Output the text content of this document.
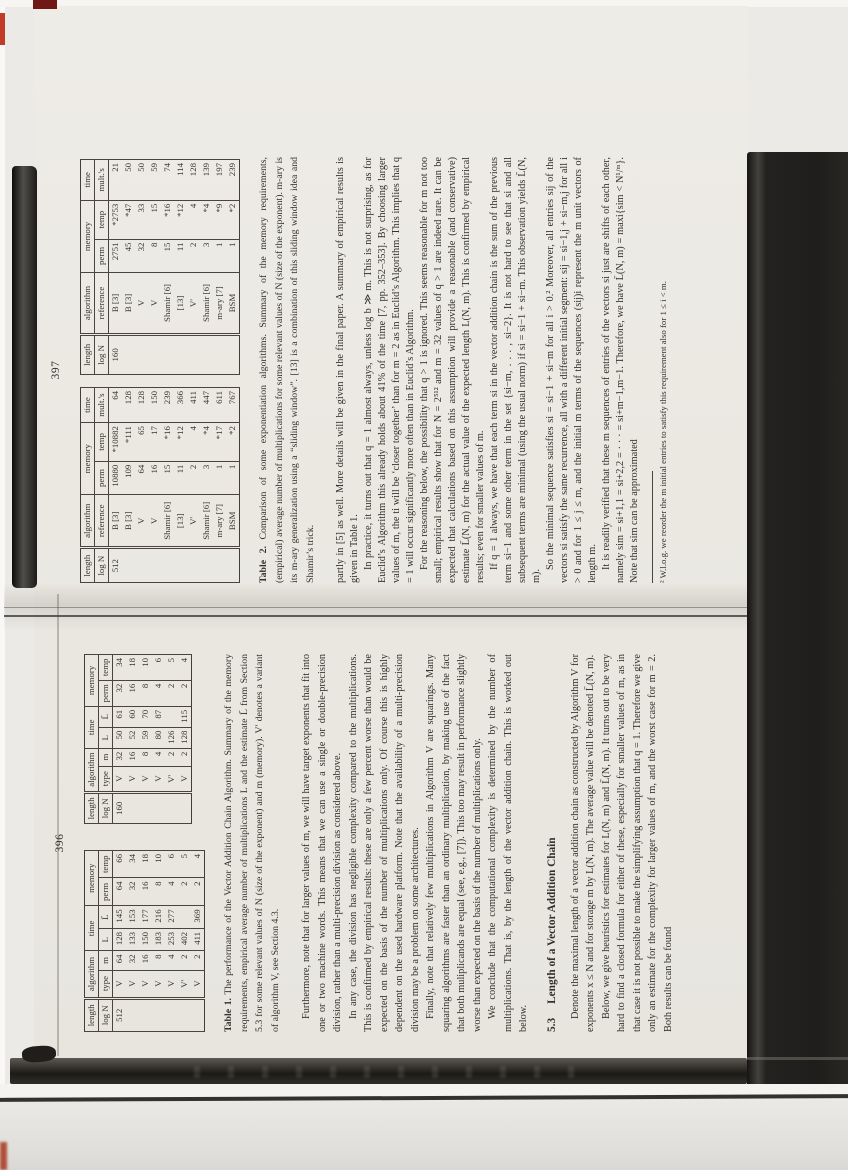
396

length	algorithm		time		memory	
log N	type	m	L	L̄	perm	temp
512	V	64	128	145	64	66
	V	32	133	153	32	34
	V	16	150	177	16	18
	V	8	183	216	8	10
	V	4	253	277	4	6
	V′	2	402		2	5
	V	2	411	369	2	4
length	algorithm		time		memory	
log N	type	m	L	L̄	perm	temp
160	V	32	50	61	32	34
	V	16	52	60	16	18
	V	8	59	70	8	10
	V	4	80	87	4	6
	V′	2	126		2	5
	V	2	128	115	2	4

Table 1. The performance of the Vector Addition Chain Algorithm. Summary of the memory requirements, empirical average number of multiplications L and the estimate L̄ from Section 5.3 for some relevant values of N (size of the exponent) and m (memory). V′ denotes a variant of algorithm V, see Section 4.3. Furthermore, note that for larger values of m, we will have target exponents that fit into one or two machine words. This means that we can use a single or double-precision division, rather than a multi-precision division as considered above. In any case, the division has negligible complexity compared to the multiplications. This is confirmed by empirical results: these are only a few percent worse than would be expected on the basis of the number of multiplications only. Of course this is highly dependent on the used hardware platform. Note that the availability of a multi-precision division may be a problem on some architectures. Finally, note that relatively few multiplications in Algorithm V are squarings. Many squaring algorithms are faster than an ordinary multiplication, by making use of the fact that both muliplicands are equal (see, e.g., [7]). This too may result in performance slightly worse than expected on the basis of the number of multiplications only. We conclude that the computational complexity is determined by the number of multiplications. That is, by the length of the vector addition chain. This is worked out below. 5.3Length of a Vector Addition Chain Denote the maximal length of a vector addition chain as constructed by Algorithm V for exponents x ≤ N and for storage m by L(N, m). The average value will be denoted L̄(N, m). Below, we give heuristics for estimates for L(N, m) and L̄(N, m). It turns out to be very hard to find a closed formula for either of these, especially for smaller values of m, as in that case it is not possible to make the simplifying assumption that q = 1. Therefore we give only an estimate for the complexity for larger values of m, and the worst case for m = 2. Both results can be found

397

length	algorithm	memory		time
log N	reference	perm	temp	mult.'s
512	B [3]	10880	*10882	64
	B [3]	109	*111	128
	V	64	65	128
	V	16	17	150
	Shamir [6]	15	*16	239
	[13]	11	*12	366
	V′	2	4	411
	Shamir [6]	3	*4	447
	m-ary [7]	1	*17	611
	BSM	1	*2	767
length	algorithm	memory		time
log N	reference	perm	temp	mult.'s
160	B [3]	2751	*2753	21
	B [3]	45	*47	50
	V	32	33	50
	V	8	15	59
	Shamir [6]	15	*16	74
	[13]	11	*12	114
	V′	2	4	128
	Shamir [6]	3	*4	139
	m-ary [7]	1	*9	197
	BSM	1	*2	239

Table 2. Comparison of some exponentiation algorithms. Summary of the memory requirements, (empirical) average number of multiplications for some relevant values of N (size of the exponent). m-ary is its m-ary generalization using a “sliding window”. [13] is a combination of this sliding window idea and Shamir’s trick. partly in [5] as well. More details will be given in the final paper. A summary of empirical results is given in Table 1. In practice, it turns out that q = 1 almost always, unless log b ≫ m. This is not surprising, as for Euclid’s Algorithm this already holds about 41% of the time [7, pp. 352–353]. By choosing larger values of m, the ti will be ‘closer together’ than for m = 2 as in Euclid’s Algorithm. This implies that q = 1 will occur significantly more often than in Euclid’s Algorithm. For the reasoning below, the possibility that q > 1 is ignored. This seems reasonable for m not too small; empirical results show that for N = 2⁵¹² and m = 32 values of q > 1 are indeed rare. It can be expected that calculations based on this assumption will provide a reasonable (and conservative) estimate L̄(N, m) for the actual value of the expected length L(N, m). This is confirmed by empirical results; even for smaller values of m. If q = 1 always, we have that each term si in the vector addition chain is the sum of the previous term si−1 and some other term in the set {si−m, . . . , si−2}. It is not hard to see that si and all subsequent terms are minimal (using the usual norm) if si = si−1 + si−m. This observation yields L̄(N, m).

So the minimal sequence satisfies si = si−1 + si−m for all i > 0.² Moreover, all entries sij of the vectors si satisfy the same recurrence, all with a different initial segment: sij = si−1,j + si−m,j for all i > 0 and for 1 ≤ j ≤ m, and the initial m terms of the sequences (sij)i represent the m unit vectors of length m. It is readily verified that these m sequences of entries of the vectors si just are shifts of each other, namely sim = si+1,1 = si+2,2 = · · · = si+m−1,m−1. Therefore, we have L̄(N, m) = maxi{sim < N¹/ᵐ}. Note that sim can be approximated ² W.l.o.g. we reorder the m initial entries to satisfy this requirement also for 1 ≤ i < m.
